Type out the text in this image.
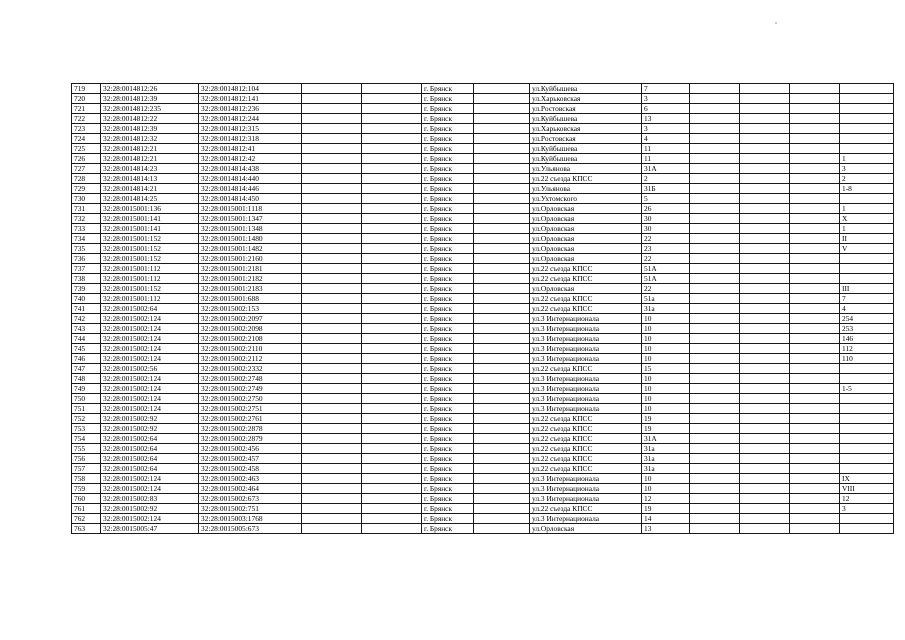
719	32:28:0014812:26	32:28:0014812:104			г. Брянск		ул.Куйбышева	7				
720	32:28:0014812:39	32:28:0014812:141			г. Брянск		ул.Харьковская	3				
721	32:28:0014812:235	32:28:0014812:236			г. Брянск		ул.Ростовская	6				
722	32:28:0014812:22	32:28:0014812:244			г. Брянск		ул.Куйбышева	13				
723	32:28:0014812:39	32:28:0014812:315			г. Брянск		ул.Харьковская	3				
724	32:28:0014812:32	32:28:0014812:318			г. Брянск		ул.Ростовская	4				
725	32:28:0014812:21	32:28:0014812:41			г. Брянск		ул.Куйбышева	11				
726	32:28:0014812:21	32:28:0014812:42			г. Брянск		ул.Куйбышева	11				1
727	32:28:0014814:23	32:28:0014814:438			г. Брянск		ул.Ульянова	31А				3
728	32:28:0014814:13	32:28:0014814:440			г. Брянск		ул.22 съезда КПСС	2				2
729	32:28:0014814:21	32:28:0014814:446			г. Брянск		ул.Ульянова	31Б				1-8
730	32:28:0014814:25	32:28:0014814:450			г. Брянск		ул.Ухтомского	5				
731	32:28:0015001:136	32:28:0015001:1118			г. Брянск		ул.Орловская	26				1
732	32:28:0015001:141	32:28:0015001:1347			г. Брянск		ул.Орловская	30				X
733	32:28:0015001:141	32:28:0015001:1348			г. Брянск		ул.Орловская	30				1
734	32:28:0015001:152	32:28:0015001:1480			г. Брянск		ул.Орловская	22				II
735	32:28:0015001:152	32:28:0015001:1482			г. Брянск		ул.Орловская	23				V
736	32:28:0015001:152	32:28:0015001:2160			г. Брянск		ул.Орловская	22				
737	32:28:0015001:112	32:28:0015001:2181			г. Брянск		ул.22 съезда КПСС	51А				
738	32:28:0015001:112	32:28:0015001:2182			г. Брянск		ул.22 съезда КПСС	51А				
739	32:28:0015001:152	32:28:0015001:2183			г. Брянск		ул.Орловская	22				III
740	32:28:0015001:112	32:28:0015001:688			г. Брянск		ул.22 съезда КПСС	51а				7
741	32:28:0015002:64	32:28:0015002:153			г. Брянск		ул.22 съезда КПСС	31а				4
742	32:28:0015002:124	32:28:0015002:2097			г. Брянск		ул.3 Интернационала	10				254
743	32:28:0015002:124	32:28:0015002:2098			г. Брянск		ул.3 Интернационала	10				253
744	32:28:0015002:124	32:28:0015002:2108			г. Брянск		ул.3 Интернационала	10				146
745	32:28:0015002:124	32:28:0015002:2110			г. Брянск		ул.3 Интернационала	10				112
746	32:28:0015002:124	32:28:0015002:2112			г. Брянск		ул.3 Интернационала	10				110
747	32:28:0015002:56	32:28:0015002:2332			г. Брянск		ул.22 съезда КПСС	15				
748	32:28:0015002:124	32:28:0015002:2748			г. Брянск		ул.3 Интернационала	10				
749	32:28:0015002:124	32:28:0015002:2749			г. Брянск		ул.3 Интернационала	10				1-5
750	32:28:0015002:124	32:28:0015002:2750			г. Брянск		ул.3 Интернационала	10				
751	32:28:0015002:124	32:28:0015002:2751			г. Брянск		ул.3 Интернационала	10				
752	32:28:0015002:92	32:28:0015002:2761			г. Брянск		ул.22 съезда КПСС	19				
753	32:28:0015002:92	32:28:0015002:2878			г. Брянск		ул.22 съезда КПСС	19				
754	32:28:0015002:64	32:28:0015002:2879			г. Брянск		ул.22 съезда КПСС	31А				
755	32:28:0015002:64	32:28:0015002:456			г. Брянск		ул.22 съезда КПСС	31а				
756	32:28:0015002:64	32:28:0015002:457			г. Брянск		ул.22 съезда КПСС	31а				
757	32:28:0015002:64	32:28:0015002:458			г. Брянск		ул.22 съезда КПСС	31а				
758	32:28:0015002:124	32:28:0015002:463			г. Брянск		ул.3 Интернационала	10				IX
759	32:28:0015002:124	32:28:0015002:464			г. Брянск		ул.3 Интернационала	10				VIII
760	32:28:0015002:83	32:28:0015002:673			г. Брянск		ул.3 Интернационала	12				12
761	32:28:0015002:92	32:28:0015002:751			г. Брянск		ул.22 съезда КПСС	19				3
762	32:28:0015002:124	32:28:0015003:1768			г. Брянск		ул.3 Интернационала	14				
763	32:28:0015005:47	32:28:0015005:673			г. Брянск		ул.Орловская	13				
